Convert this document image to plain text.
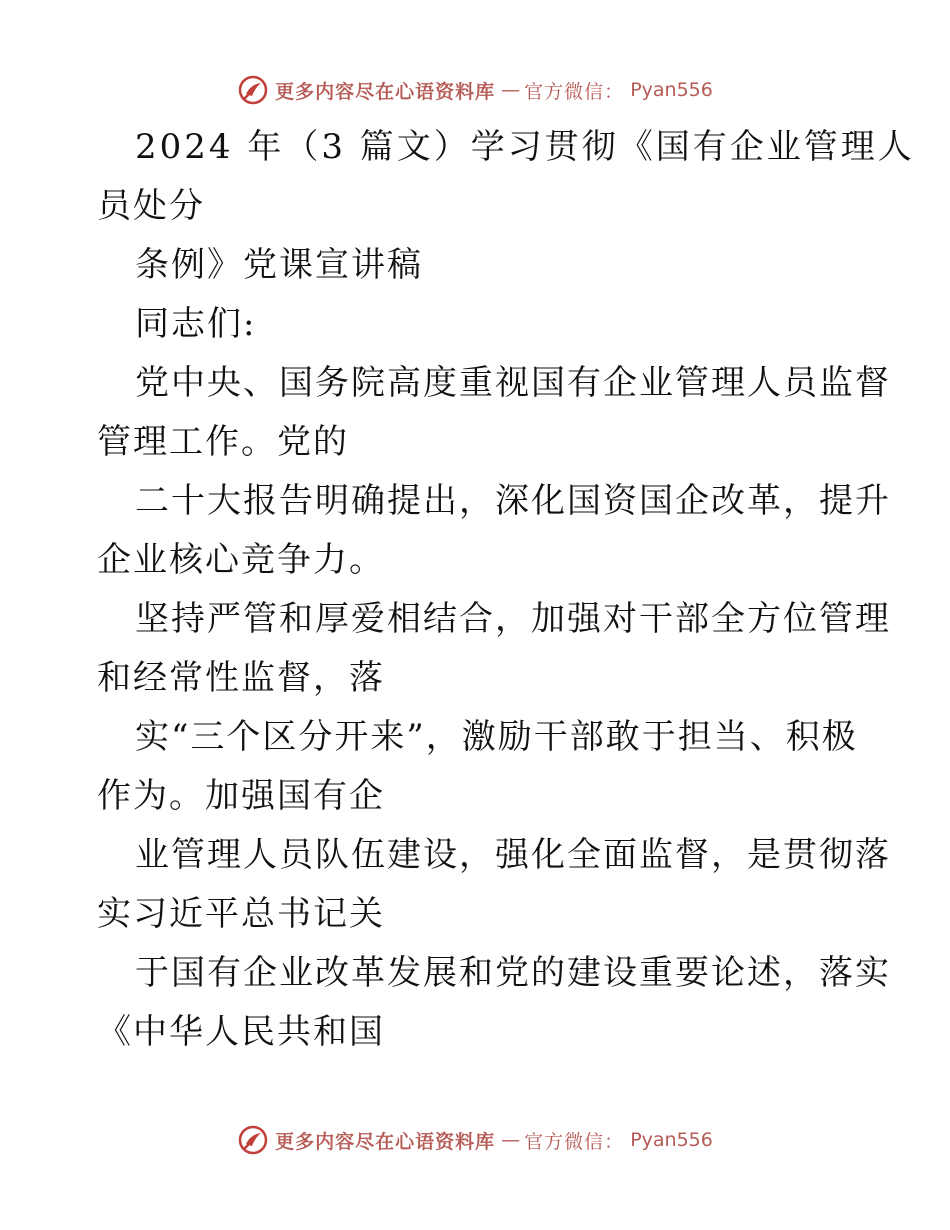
更多内容尽在心语资料库 — 官方微信： Pyan556
2024 年（3 篇文）学习贯彻《国有企业管理人
员处分
条例》党课宣讲稿
同志们:
党中央、国务院高度重视国有企业管理人员监督
管理工作。党的
二十大报告明确提出，深化国资国企改革，提升
企业核心竞争力。
坚持严管和厚爱相结合，加强对干部全方位管理
和经常性监督，落
实“三个区分开来”，激励干部敢于担当、积极
作为。加强国有企
业管理人员队伍建设，强化全面监督，是贯彻落
实习近平总书记关
于国有企业改革发展和党的建设重要论述，落实
《中华人民共和国
更多内容尽在心语资料库 — 官方微信： Pyan556
